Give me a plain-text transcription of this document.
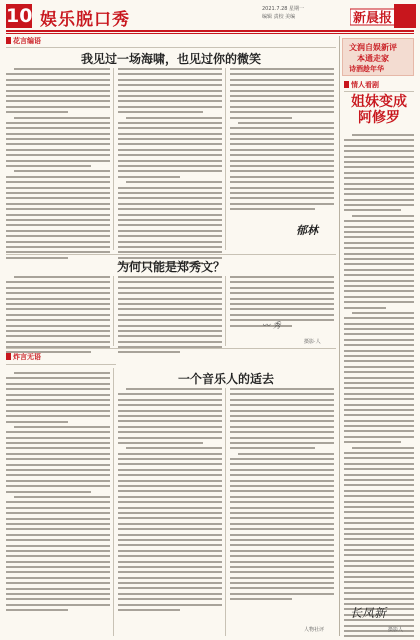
10 娱乐脱口秀
2021.7.28 星期一
编辑 责校 美编	新晨报
花言编语
我见过一场海啸，也见过你的微笑
郁林
为何只能是郑秀文？
〰 秀
摄影·人
炸言无语
一个音乐人的适去
人物社评
文润自娱新评
本通走家
诗酒趁年华
情人看剧
姐妹变成
阿修罗
长凤新
摄影人
